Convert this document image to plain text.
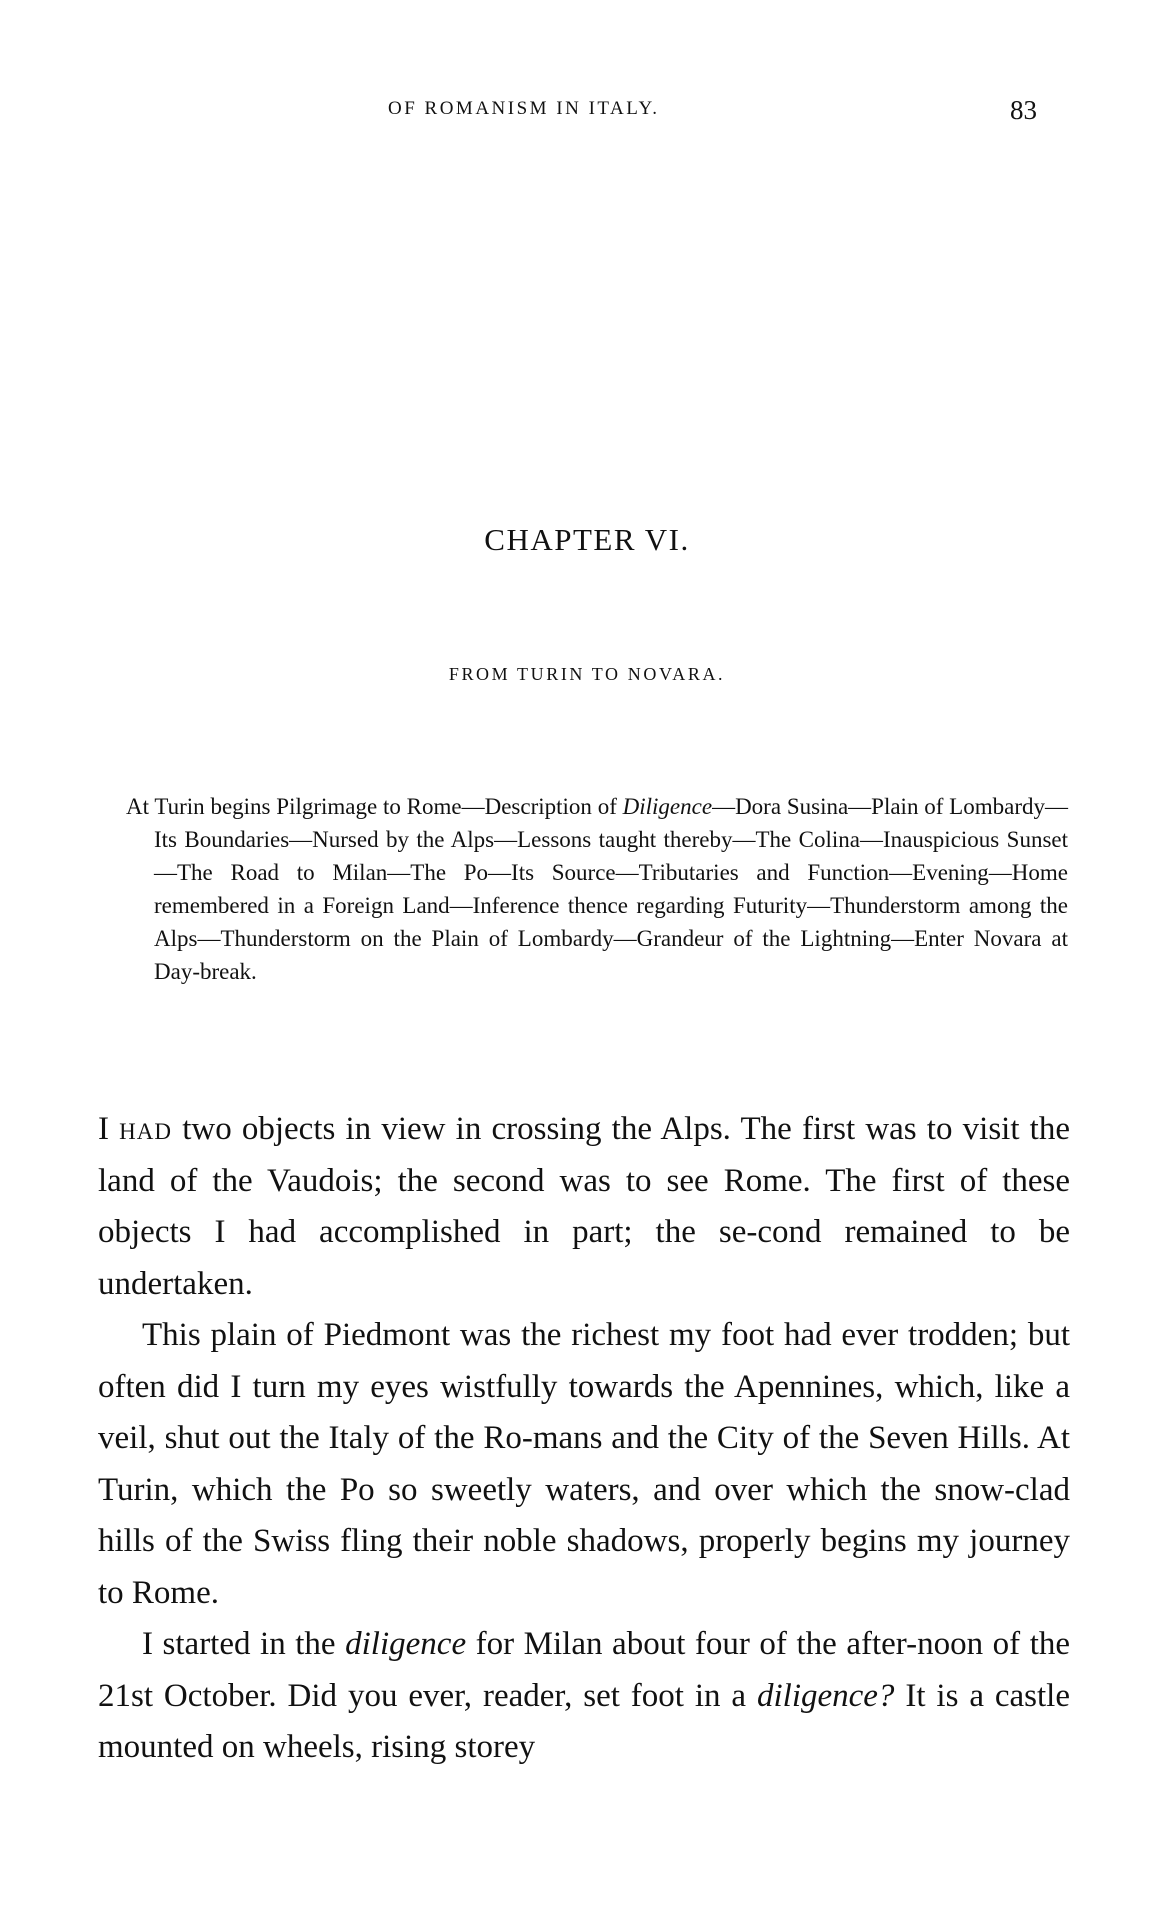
OF ROMANISM IN ITALY.	83
CHAPTER VI.
FROM TURIN TO NOVARA.

At Turin begins Pilgrimage to Rome—Description of Diligence—Dora Susina—Plain of Lombardy—Its Boundaries—Nursed by the Alps—Lessons taught thereby—The Colina—Inauspicious Sunset—The Road to Milan—The Po—Its Source—Tributaries and Function—Evening—Home remembered in a Foreign Land—Inference thence regarding Futurity—Thunderstorm among the Alps—Thunderstorm on the Plain of Lombardy—Grandeur of the Lightning—Enter Novara at Day-break.

I had two objects in view in crossing the Alps. The first was to visit the land of the Vaudois; the second was to see Rome. The first of these objects I had accomplished in part; the se-cond remained to be undertaken.

This plain of Piedmont was the richest my foot had ever trodden; but often did I turn my eyes wistfully towards the Apennines, which, like a veil, shut out the Italy of the Ro-mans and the City of the Seven Hills. At Turin, which the Po so sweetly waters, and over which the snow-clad hills of the Swiss fling their noble shadows, properly begins my journey to Rome.

I started in the diligence for Milan about four of the after-noon of the 21st October. Did you ever, reader, set foot in a diligence? It is a castle mounted on wheels, rising storey
